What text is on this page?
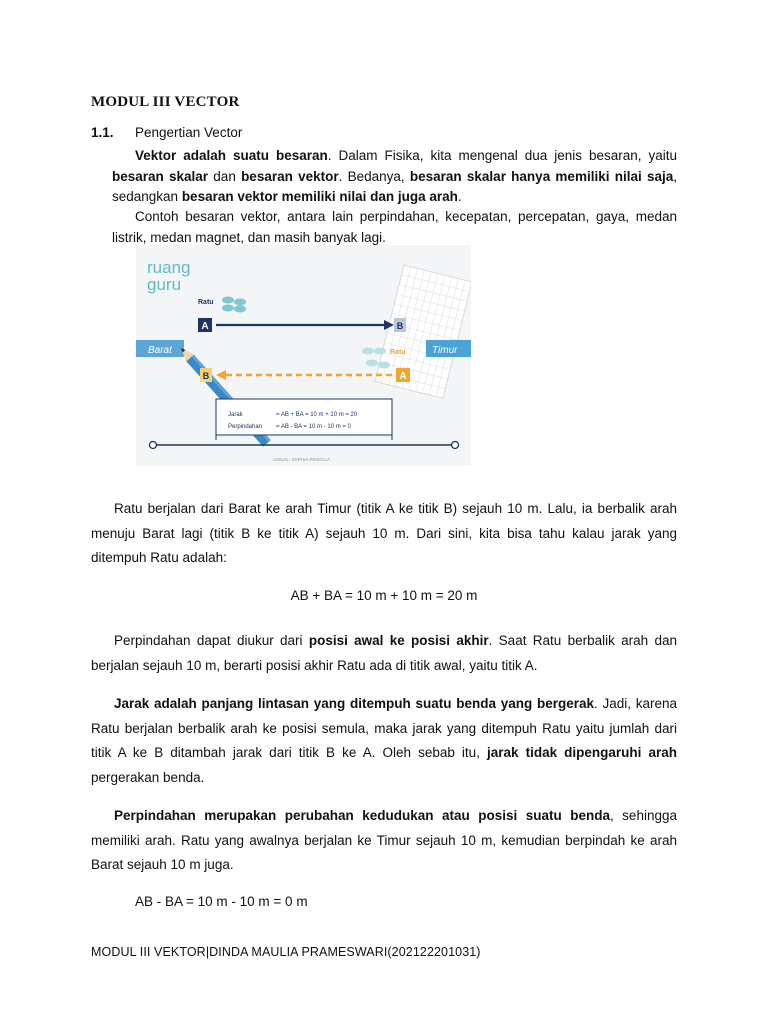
MODUL III VECTOR
1.1. Pengertian Vector
Vektor adalah suatu besaran. Dalam Fisika, kita mengenal dua jenis besaran, yaitu besaran skalar dan besaran vektor. Bedanya, besaran skalar hanya memiliki nilai saja, sedangkan besaran vektor memiliki nilai dan juga arah.
Contoh besaran vektor, antara lain perpindahan, kecepatan, percepatan, gaya, medan listrik, medan magnet, dan masih banyak lagi.
ruang
guru
Ratu
A	B
Barat	Timur
Ratu
B	A
Jarak	= AB + BA = 10 m + 10 m = 20
Perpindahan = AB - BA = 10 m - 10 m = 0
VISUAL: SOPHIA PRISCILA
Ratu berjalan dari Barat ke arah Timur (titik A ke titik B) sejauh 10 m. Lalu, ia berbalik arah menuju Barat lagi (titik B ke titik A) sejauh 10 m. Dari sini, kita bisa tahu kalau jarak yang ditempuh Ratu adalah:
AB + BA = 10 m + 10 m = 20 m
Perpindahan dapat diukur dari posisi awal ke posisi akhir. Saat Ratu berbalik arah dan berjalan sejauh 10 m, berarti posisi akhir Ratu ada di titik awal, yaitu titik A.
Jarak adalah panjang lintasan yang ditempuh suatu benda yang bergerak. Jadi, karena Ratu berjalan berbalik arah ke posisi semula, maka jarak yang ditempuh Ratu yaitu jumlah dari titik A ke B ditambah jarak dari titik B ke A. Oleh sebab itu, jarak tidak dipengaruhi arah pergerakan benda.
Perpindahan merupakan perubahan kedudukan atau posisi suatu benda, sehingga memiliki arah. Ratu yang awalnya berjalan ke Timur sejauh 10 m, kemudian berpindah ke arah Barat sejauh 10 m juga.
AB - BA = 10 m - 10 m = 0 m
MODUL III VEKTOR|DINDA MAULIA PRAMESWARI(202122201031)
